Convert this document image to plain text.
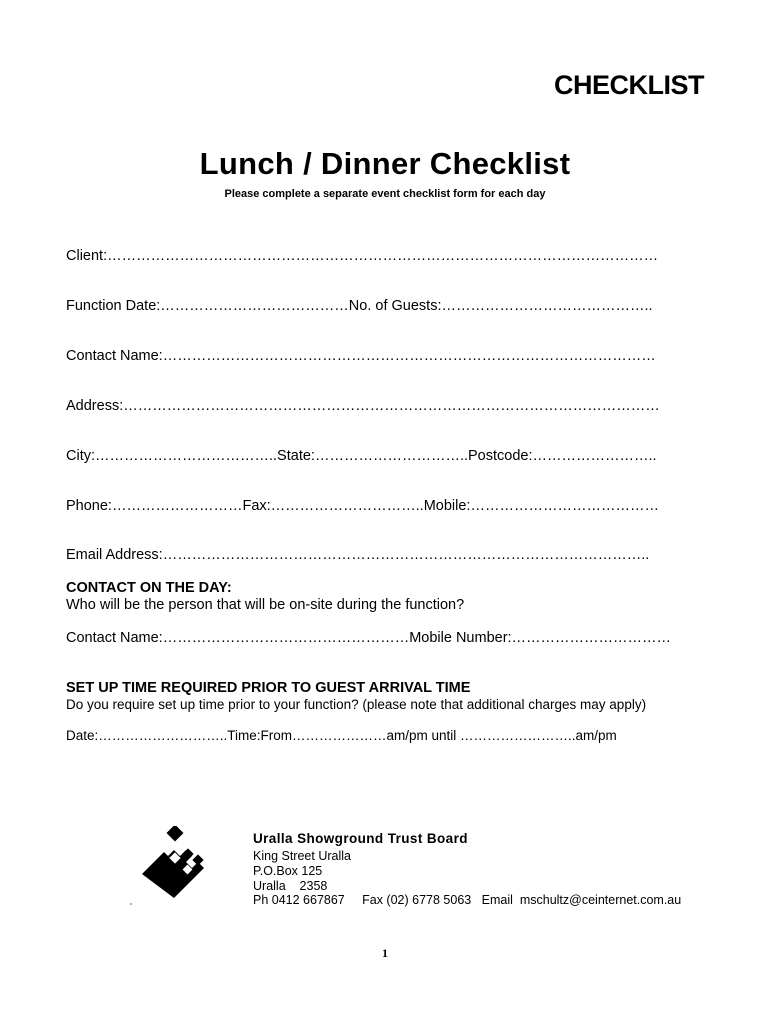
CHECKLIST
Lunch / Dinner Checklist
Please complete a separate event checklist form for each day
Client:……………………………………………………………………………………………………
Function Date:…………………………………No. of Guests:……………………………………..
Contact Name:…………………………………………………………………………………………
Address:…………………………………………………………………………………………………
City:………………………………..State:…………………………..Postcode:……………………..
Phone:………………………Fax:…………………………..Mobile:…………………………………
Email Address:………………………………………………………………………………………..
CONTACT ON THE DAY:
Who will be the person that will be on-site during the function?
Contact Name:……………………………………………Mobile Number:……………………………
SET UP TIME REQUIRED PRIOR TO GUEST ARRIVAL TIME
Do you require set up time prior to your function? (please note that additional charges may apply)
Date:………………………..Time:From…………………am/pm until ……………………..am/pm
Uralla Showground Trust Board
King Street Uralla
P.O.Box 125
Uralla    2358
Ph 0412 667867     Fax (02) 6778 5063   Email  mschultz@ceinternet.com.au
1
